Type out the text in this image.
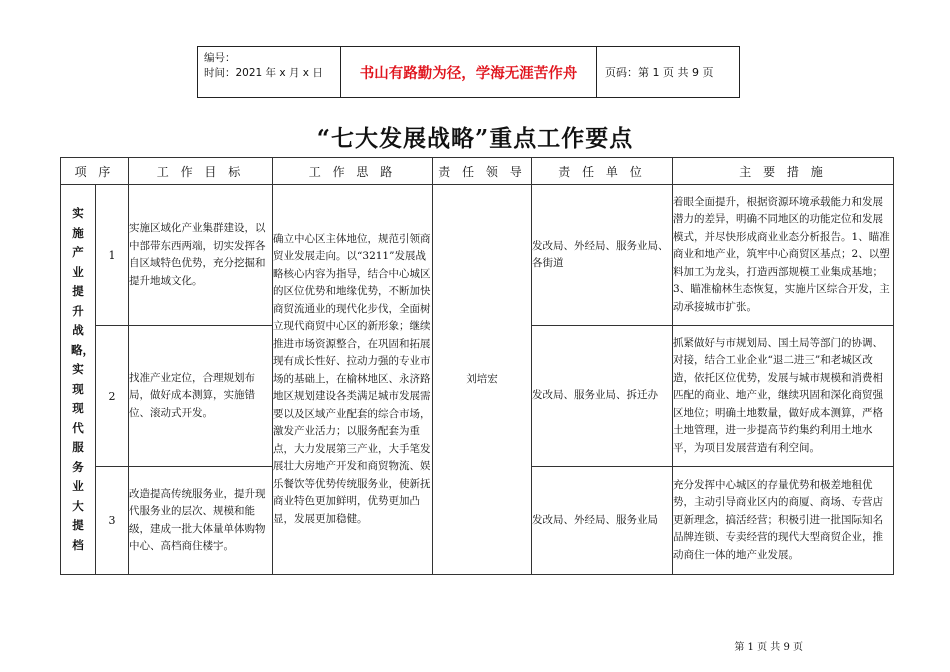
编号：
时间：2021 年 x 月 x 日	书山有路勤为径，学海无涯苦作舟	页码：第 1 页 共 9 页
“七大发展战略”重点工作要点
项 序		工 作 目 标	工 作 思 路	责 任 领 导	责 任 单 位	主 要 措 施
实施产业提升战略，实现现代服务业大提档	1	实施区域化产业集群建设，以中部带东西两端，切实发挥各自区域特色优势，充分挖掘和提升地域文化。	确立中心区主体地位，规范引领商贸业发展走向。以“3211”发展战略核心内容为指导，结合中心城区的区位优势和地缘优势，不断加快商贸流通业的现代化步伐，全面树立现代商贸中心区的新形象；继续推进市场资源整合，在巩固和拓展现有成长性好、拉动力强的专业市场的基础上，在榆林地区、永济路地区规划建设各类满足城市发展需要以及区域产业配套的综合市场，激发产业活力；以服务配套为重点，大力发展第三产业，大手笔发展壮大房地产开发和商贸物流、娱乐餐饮等优势传统服务业，使新抚商业特色更加鲜明，优势更加凸显，发展更加稳健。	刘培宏	发改局、外经局、服务业局、各街道	着眼全面提升，根据资源环境承载能力和发展潜力的差异，明确不同地区的功能定位和发展模式，并尽快形成商业业态分析报告。1、瞄准商业和地产业，筑牢中心商贸区基点；2、以塑料加工为龙头，打造西部规模工业集成基地；3、瞄准榆林生态恢复，实施片区综合开发，主动承接城市扩张。
	2	找准产业定位，合理规划布局，做好成本测算，实施错位、滚动式开发。			发改局、服务业局、拆迁办	抓紧做好与市规划局、国土局等部门的协调、对接，结合工业企业“退二进三”和老城区改造，依托区位优势，发展与城市规模和消费相匹配的商业、地产业，继续巩固和深化商贸强区地位；明确土地数量，做好成本测算，严格土地管理，进一步提高节约集约利用土地水平，为项目发展营造有利空间。
	3	改造提高传统服务业，提升现代服务业的层次、规模和能级，建成一批大体量单体购物中心、高档商住楼宇。			发改局、外经局、服务业局	充分发挥中心城区的存量优势和极差地租优势，主动引导商业区内的商厦、商场、专营店更新理念，搞活经营；积极引进一批国际知名品牌连锁、专卖经营的现代大型商贸企业，推动商住一体的地产业发展。
第 1 页 共 9 页
